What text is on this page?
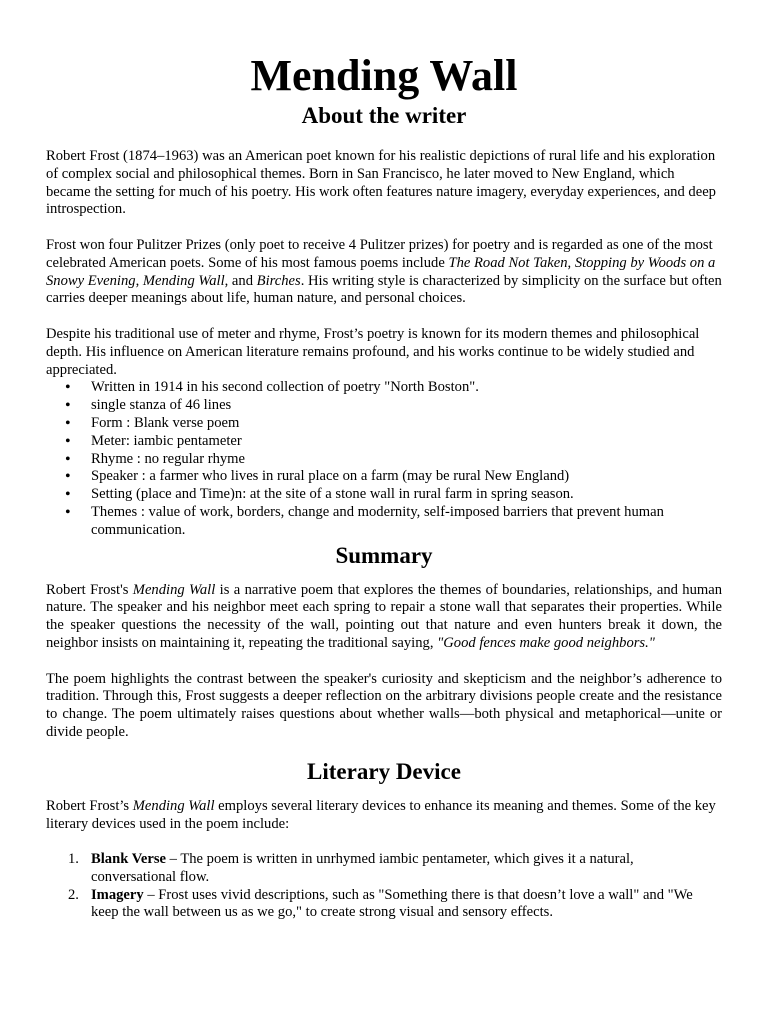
Mending Wall
About the writer

Robert Frost (1874–1963) was an American poet known for his realistic depictions of rural life and his exploration of complex social and philosophical themes. Born in San Francisco, he later moved to New England, which became the setting for much of his poetry. His work often features nature imagery, everyday experiences, and deep introspection.

Frost won four Pulitzer Prizes (only poet to receive 4 Pulitzer prizes) for poetry and is regarded as one of the most celebrated American poets. Some of his most famous poems include The Road Not Taken, Stopping by Woods on a Snowy Evening, Mending Wall, and Birches. His writing style is characterized by simplicity on the surface but often carries deeper meanings about life, human nature, and personal choices.

Despite his traditional use of meter and rhyme, Frost’s poetry is known for its modern themes and philosophical depth. His influence on American literature remains profound, and his works continue to be widely studied and appreciated.

• Written in 1914 in his second collection of poetry "North Boston".
• single stanza of 46 lines
• Form : Blank verse poem
• Meter: iambic pentameter
• Rhyme : no regular rhyme
• Speaker : a farmer who lives in rural place on a farm (may be rural New England)
• Setting (place and Time)n: at the site of a stone wall in rural farm in spring season.
• Themes : value of work, borders, change and modernity, self-imposed barriers that prevent human communication.
Summary

Robert Frost's Mending Wall is a narrative poem that explores the themes of boundaries, relationships, and human nature. The speaker and his neighbor meet each spring to repair a stone wall that separates their properties. While the speaker questions the necessity of the wall, pointing out that nature and even hunters break it down, the neighbor insists on maintaining it, repeating the traditional saying, "Good fences make good neighbors."

The poem highlights the contrast between the speaker's curiosity and skepticism and the neighbor’s adherence to tradition. Through this, Frost suggests a deeper reflection on the arbitrary divisions people create and the resistance to change. The poem ultimately raises questions about whether walls—both physical and metaphorical—unite or divide people.

Literary Device

Robert Frost’s Mending Wall employs several literary devices to enhance its meaning and themes. Some of the key literary devices used in the poem include:

1. Blank Verse – The poem is written in unrhymed iambic pentameter, which gives it a natural, conversational flow.
2. Imagery – Frost uses vivid descriptions, such as "Something there is that doesn’t love a wall" and "We keep the wall between us as we go," to create strong visual and sensory effects.
